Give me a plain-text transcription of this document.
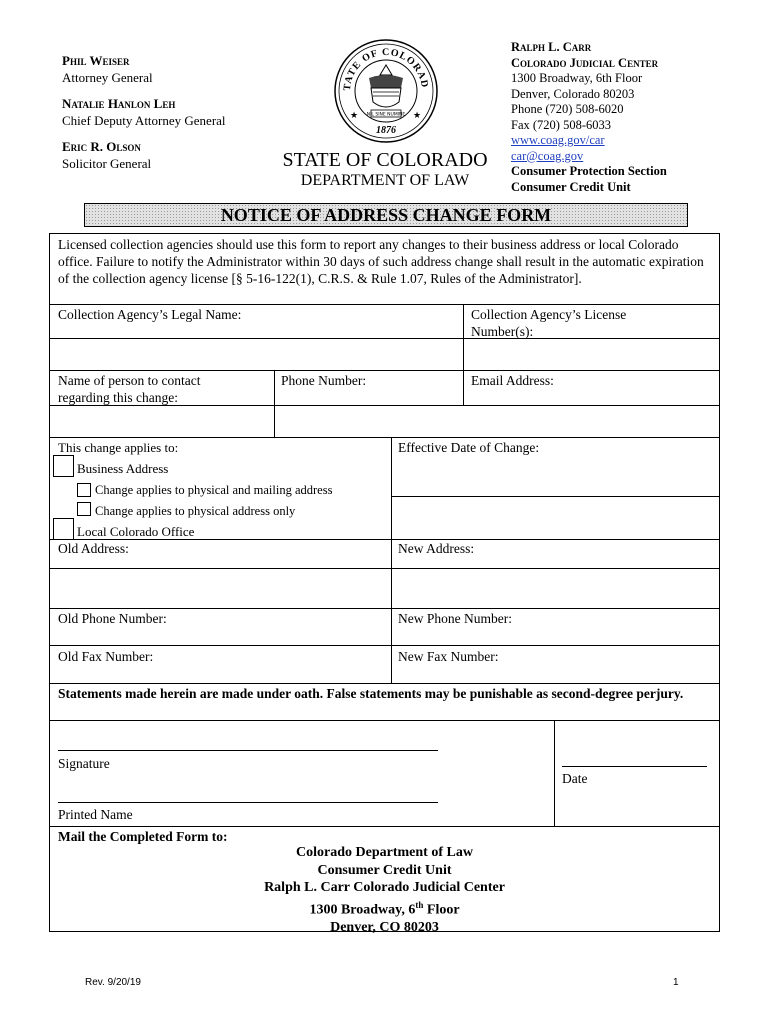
Phil Weiser
Attorney General
Natalie Hanlon Leh
Chief Deputy Attorney General
Eric R. Olson
Solicitor General
TATE OF COLORAD
1876
★	★
NIL SINE NUMINE
STATE OF COLORADO
DEPARTMENT OF LAW
Ralph L. Carr
Colorado Judicial Center
1300 Broadway, 6th Floor
Denver, Colorado 80203
Phone (720) 508-6020
Fax (720) 508-6033
www.coag.gov/car
car@coag.gov
Consumer Protection Section
Consumer Credit Unit
NOTICE OF ADDRESS CHANGE FORM
Licensed collection agencies should use this form to report any changes to their business address or local Colorado office. Failure to notify the Administrator within 30 days of such address change shall result in the automatic expiration of the collection agency license [§ 5-16-122(1), C.R.S. & Rule 1.07, Rules of the Administrator].
Collection Agency’s Legal Name:	Collection Agency’s License
Number(s):
Name of person to contact
regarding this change:
Phone Number:	Email Address:
This change applies to:
Business Address
Change applies to physical and mailing address
Change applies to physical address only
Local Colorado Office
Effective Date of Change:
Old Address:	New Address:
Old Phone Number:	New Phone Number:
Old Fax Number:	New Fax Number:
Statements made herein are made under oath. False statements may be punishable as second-degree perjury.
Signature
Date
Printed Name
Mail the Completed Form to:
Colorado Department of Law
Consumer Credit Unit
Ralph L. Carr Colorado Judicial Center
1300 Broadway, 6th Floor
Denver, CO 80203
Rev. 9/20/19	1
